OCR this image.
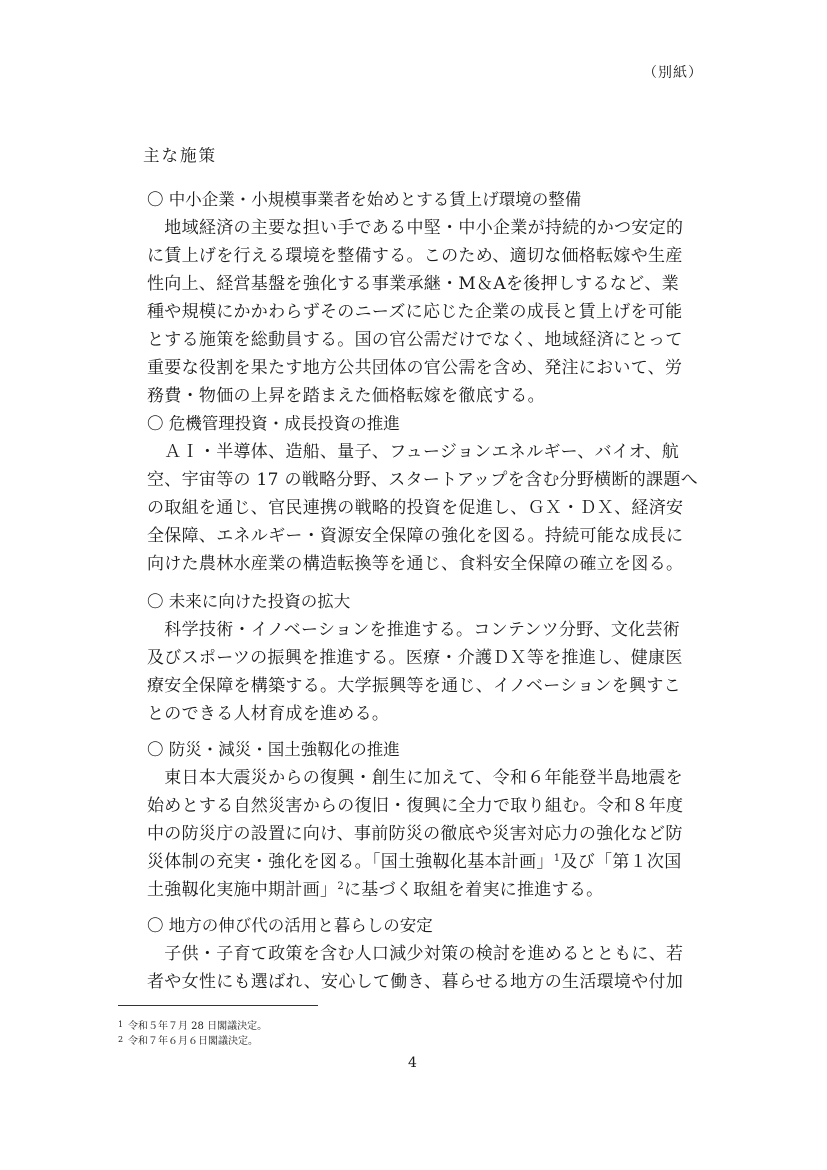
（別紙）
主な施策
〇 中小企業・小規模事業者を始めとする賃上げ環境の整備
　地域経済の主要な担い手である中堅・中小企業が持続的かつ安定的
に賃上げを行える環境を整備する。このため、適切な価格転嫁や生産
性向上、経営基盤を強化する事業承継・M＆Aを後押しするなど、業
種や規模にかかわらずそのニーズに応じた企業の成長と賃上げを可能
とする施策を総動員する。国の官公需だけでなく、地域経済にとって
重要な役割を果たす地方公共団体の官公需を含め、発注において、労
務費・物価の上昇を踏まえた価格転嫁を徹底する。
〇 危機管理投資・成長投資の推進
　ＡＩ・半導体、造船、量子、フュージョンエネルギー、バイオ、航
空、宇宙等の 17 の戦略分野、スタートアップを含む分野横断的課題へ
の取組を通じ、官民連携の戦略的投資を促進し、ＧＸ・ＤＸ、経済安
全保障、エネルギー・資源安全保障の強化を図る。持続可能な成長に
向けた農林水産業の構造転換等を通じ、食料安全保障の確立を図る。
〇 未来に向けた投資の拡大
　科学技術・イノベーションを推進する。コンテンツ分野、文化芸術
及びスポーツの振興を推進する。医療・介護ＤＸ等を推進し、健康医
療安全保障を構築する。大学振興等を通じ、イノベーションを興すこ
とのできる人材育成を進める。
〇 防災・減災・国土強靱化の推進
　東日本大震災からの復興・創生に加えて、令和６年能登半島地震を
始めとする自然災害からの復旧・復興に全力で取り組む。令和８年度
中の防災庁の設置に向け、事前防災の徹底や災害対応力の強化など防
災体制の充実・強化を図る。「国土強靱化基本計画」$^1$及び「第１次国
土強靱化実施中期計画」$^2$に基づく取組を着実に推進する。
〇 地方の伸び代の活用と暮らしの安定
　子供・子育て政策を含む人口減少対策の検討を進めるとともに、若
者や女性にも選ばれ、安心して働き、暮らせる地方の生活環境や付加
1 令和５年７月 28 日閣議決定。
2 令和７年６月６日閣議決定。
4
